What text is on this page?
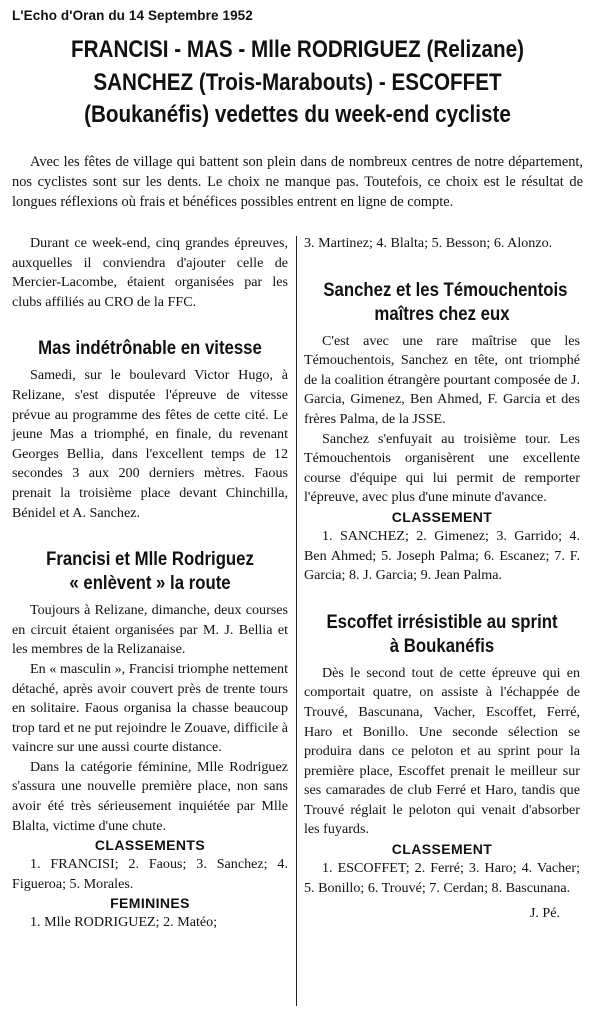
L'Echo d'Oran du 14 Septembre 1952
FRANCISI - MAS - Mlle RODRIGUEZ (Relizane)
SANCHEZ (Trois-Marabouts) - ESCOFFET
(Boukanéfis) vedettes du week-end cycliste
Avec les fêtes de village qui battent son plein dans de nombreux centres de notre département, nos cyclistes sont sur les dents. Le choix ne manque pas. Toutefois, ce choix est le résultat de longues réflexions où frais et bénéfices possibles entrent en ligne de compte.

Durant ce week-end, cinq grandes épreuves, auxquelles il conviendra d'ajouter celle de Mercier-Lacombe, étaient organisées par les clubs affiliés au CRO de la FFC.

Mas indétrônable en vitesse

Samedi, sur le boulevard Victor Hugo, à Relizane, s'est disputée l'épreuve de vitesse prévue au programme des fêtes de cette cité. Le jeune Mas a triomphé, en finale, du revenant Georges Bellia, dans l'excellent temps de 12 secondes 3 aux 200 derniers mètres. Faous prenait la troisième place devant Chinchilla, Bénidel et A. Sanchez.

Francisi et Mlle Rodriguez
« enlèvent » la route

Toujours à Relizane, dimanche, deux courses en circuit étaient organisées par M. J. Bellia et les membres de la Relizanaise.

En « masculin », Francisi triomphe nettement détaché, après avoir couvert près de trente tours en solitaire. Faous organisa la chasse beaucoup trop tard et ne put rejoindre le Zouave, difficile à vaincre sur une aussi courte distance.

Dans la catégorie féminine, Mlle Rodriguez s'assura une nouvelle première place, non sans avoir été très sérieusement inquiétée par Mlle Blalta, victime d'une chute.

CLASSEMENTS

1. FRANCISI; 2. Faous; 3. Sanchez; 4. Figueroa; 5. Morales.

FEMININES

1. Mlle RODRIGUEZ; 2. Matéo;

3. Martinez; 4. Blalta; 5. Besson; 6. Alonzo.

Sanchez et les Témouchentois
maîtres chez eux

C'est avec une rare maîtrise que les Témouchentois, Sanchez en tête, ont triomphé de la coalition étrangère pourtant composée de J. Garcia, Gimenez, Ben Ahmed, F. Garcia et des frères Palma, de la JSSE.

Sanchez s'enfuyait au troisième tour. Les Témouchentois organisèrent une excellente course d'équipe qui lui permit de remporter l'épreuve, avec plus d'une minute d'avance.

CLASSEMENT

1. SANCHEZ; 2. Gimenez; 3. Garrido; 4. Ben Ahmed; 5. Joseph Palma; 6. Escanez; 7. F. Garcia; 8. J. Garcia; 9. Jean Palma.

Escoffet irrésistible au sprint
à Boukanéfis

Dès le second tout de cette épreuve qui en comportait quatre, on assiste à l'échappée de Trouvé, Bascunana, Vacher, Escoffet, Ferré, Haro et Bonillo. Une seconde sélection se produira dans ce peloton et au sprint pour la première place, Escoffet prenait le meilleur sur ses camarades de club Ferré et Haro, tandis que Trouvé réglait le peloton qui venait d'absorber les fuyards.

CLASSEMENT

1. ESCOFFET; 2. Ferré; 3. Haro; 4. Vacher; 5. Bonillo; 6. Trouvé; 7. Cerdan; 8. Bascunana.

J. Pé.
